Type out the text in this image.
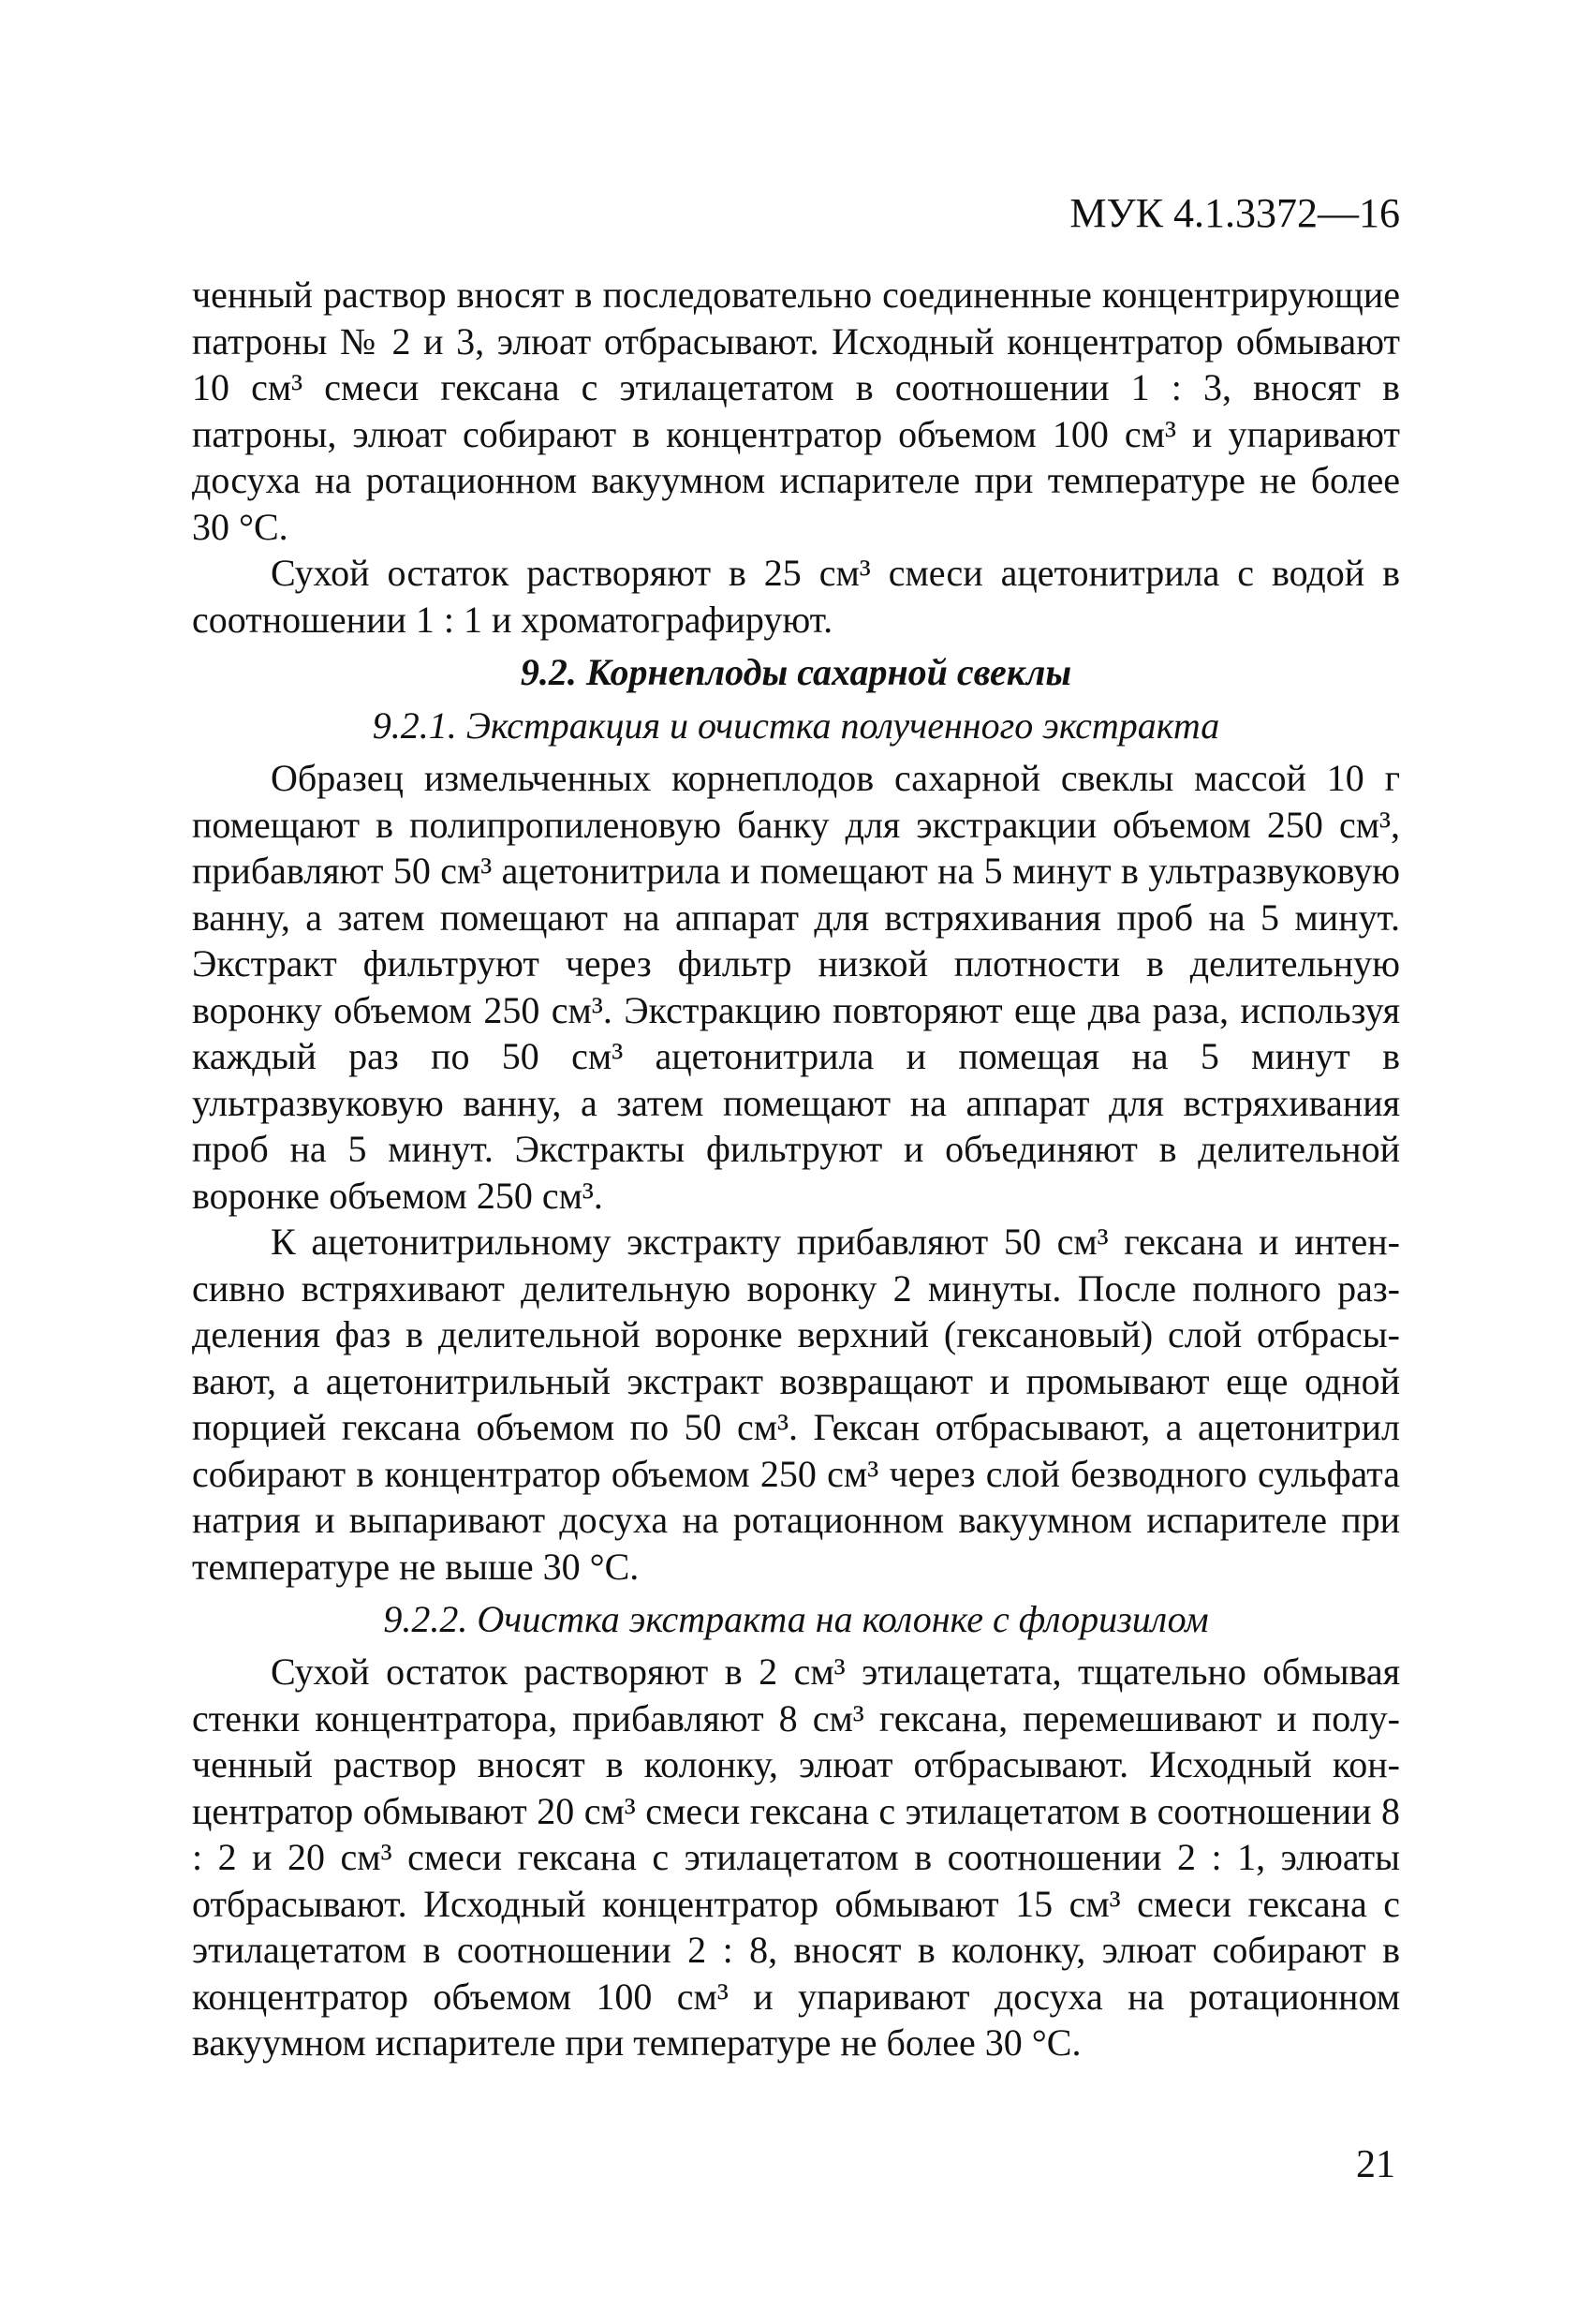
МУК 4.1.3372—16

ченный раствор вносят в последовательно соединенные концентрирующие патроны № 2 и 3, элюат отбрасывают. Исходный концентратор обмывают 10 см³ смеси гексана с этилацетатом в соотношении 1 : 3, вносят в патроны, элюат собирают в концентратор объемом 100 см³ и упаривают досуха на ротационном вакуумном испарителе при температуре не более 30 °С.

Сухой остаток растворяют в 25 см³ смеси ацетонитрила с водой в соотношении 1 : 1 и хроматографируют.

9.2. Корнеплоды сахарной свеклы
9.2.1. Экстракция и очистка полученного экстракта

Образец измельченных корнеплодов сахарной свеклы массой 10 г помещают в полипропиленовую банку для экстракции объемом 250 см³, прибавляют 50 см³ ацетонитрила и помещают на 5 минут в ультразвуковую ванну, а затем помещают на аппарат для встряхивания проб на 5 минут. Экстракт фильтруют через фильтр низкой плотности в делительную воронку объемом 250 см³. Экстракцию повторяют еще два раза, используя каждый раз по 50 см³ ацетонитрила и помещая на 5 минут в ультразвуковую ванну, а затем помещают на аппарат для встряхивания проб на 5 минут. Экстракты фильтруют и объединяют в делительной воронке объемом 250 см³.

К ацетонитрильному экстракту прибавляют 50 см³ гексана и интенсивно встряхивают делительную воронку 2 минуты. После полного разделения фаз в делительной воронке верхний (гексановый) слой отбрасывают, а ацетонитрильный экстракт возвращают и промывают еще одной порцией гексана объемом по 50 см³. Гексан отбрасывают, а ацетонитрил собирают в концентратор объемом 250 см³ через слой безводного сульфата натрия и выпаривают досуха на ротационном вакуумном испарителе при температуре не выше 30 °С.

9.2.2. Очистка экстракта на колонке с флоризилом

Сухой остаток растворяют в 2 см³ этилацетата, тщательно обмывая стенки концентратора, прибавляют 8 см³ гексана, перемешивают и полученный раствор вносят в колонку, элюат отбрасывают. Исходный концентратор обмывают 20 см³ смеси гексана с этилацетатом в соотношении 8 : 2 и 20 см³ смеси гексана с этилацетатом в соотношении 2 : 1, элюаты отбрасывают. Исходный концентратор обмывают 15 см³ смеси гексана с этилацетатом в соотношении 2 : 8, вносят в колонку, элюат собирают в концентратор объемом 100 см³ и упаривают досуха на ротационном вакуумном испарителе при температуре не более 30 °С.

21
